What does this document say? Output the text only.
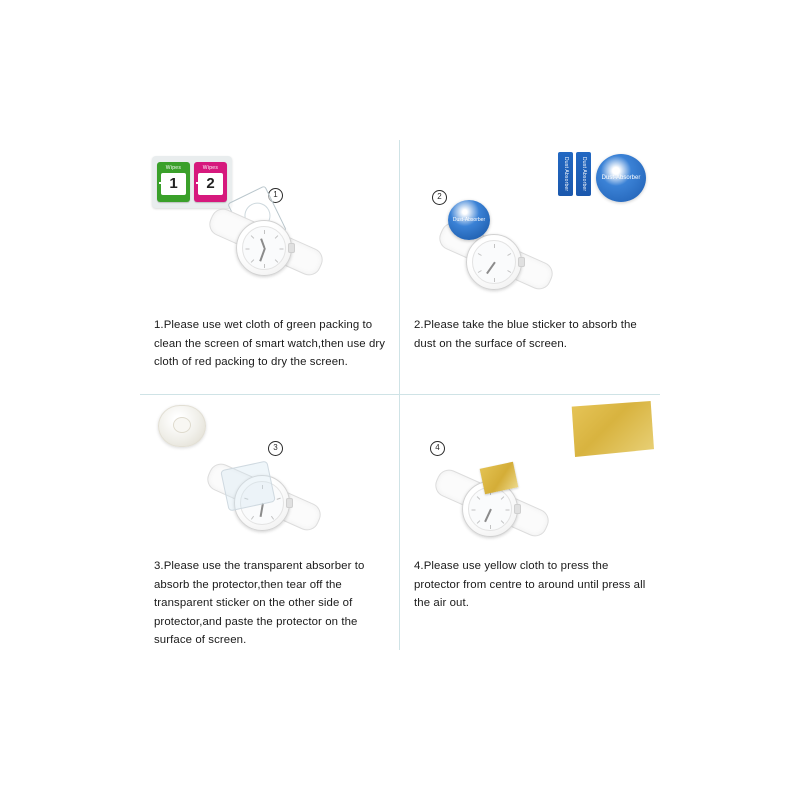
Wipes
1
Wipes
2
1
1.Please use wet cloth of green packing to clean the screen of smart watch,then use dry cloth of red packing to dry the screen.
Dust Absorber	Dust Absorber	Dust-Absorber
2
Dust-Absorber
2.Please take the blue sticker to absorb the dust on the surface of screen.
3
3.Please use the transparent absorber to absorb the protector,then tear off the transparent sticker on the other side of protector,and paste the protector on the surface of screen.
4
4.Please use yellow cloth to press the protector from centre to around until press all the air out.
